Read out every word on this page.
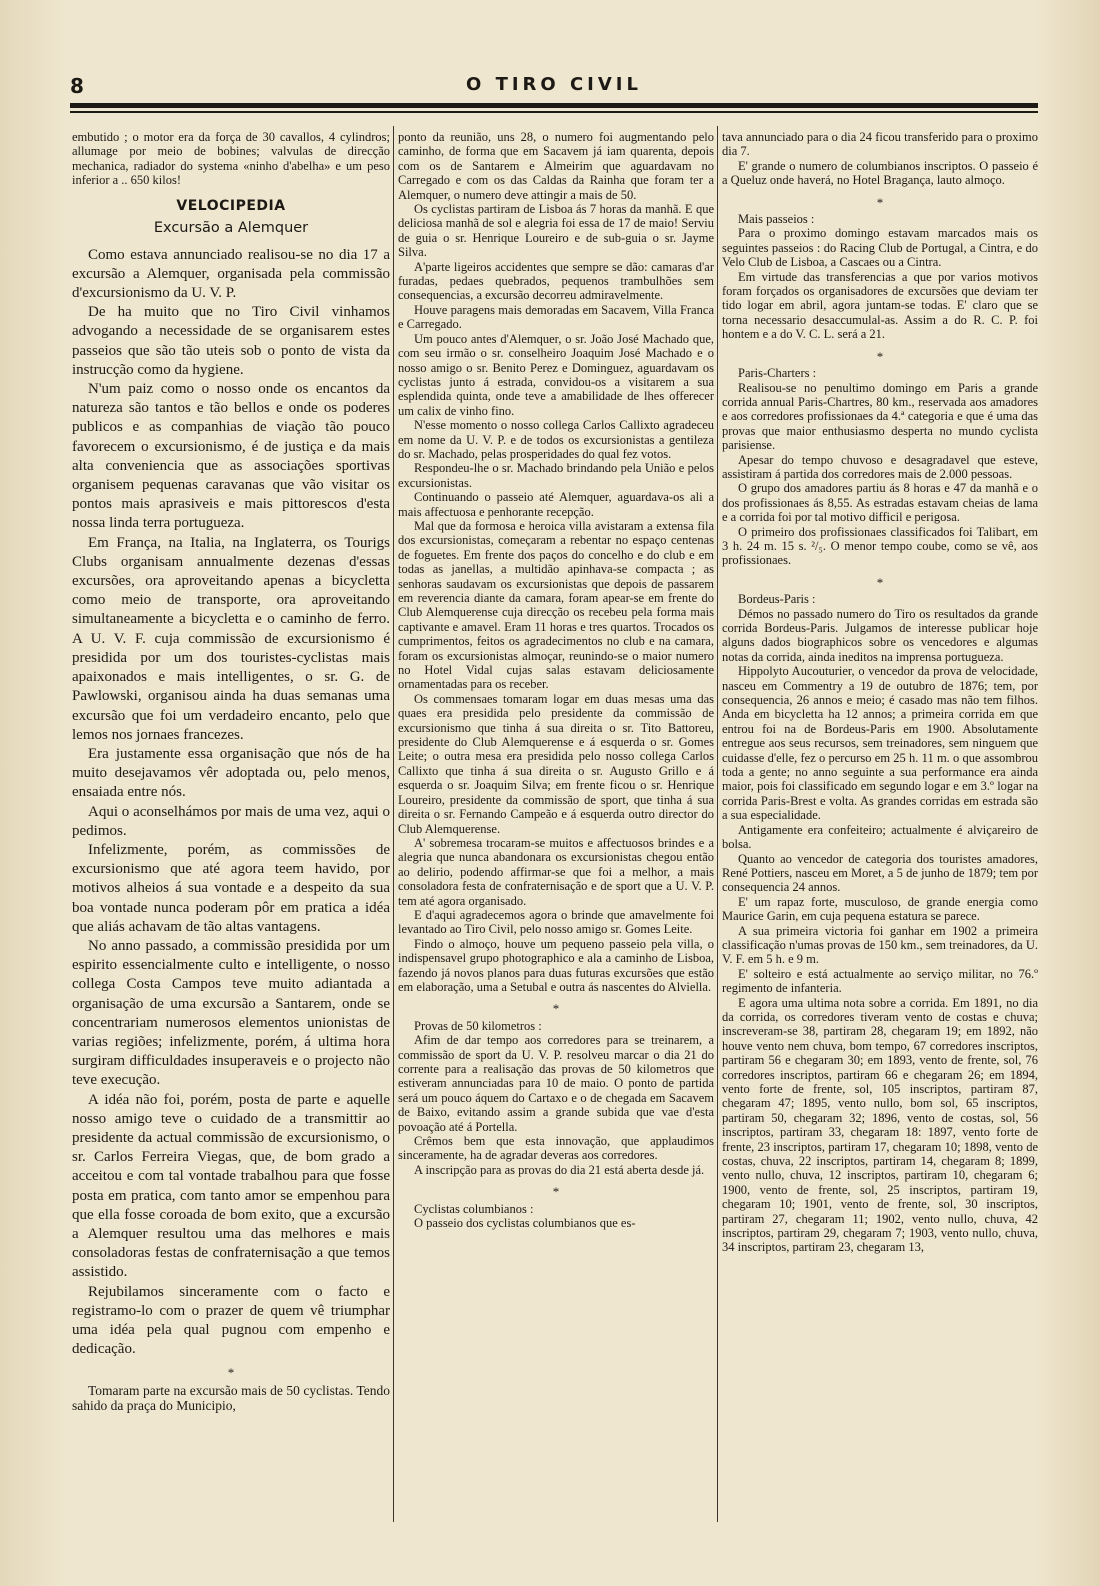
8	O TIRO CIVIL

embutido ; o motor era da força de 30 cavallos, 4 cylindros; allumage por meio de bobines; valvulas de direcção mechanica, radiador do systema «ninho d'abelha» e um peso inferior a .. 650 kilos!

VELOCIPEDIA
Excursão a Alemquer

Como estava annunciado realisou-se no dia 17 a excursão a Alemquer, organisada pela commissão d'excursionismo da U. V. P.

De ha muito que no Tiro Civil vinhamos advogando a necessidade de se organisarem estes passeios que são tão uteis sob o ponto de vista da instrucção como da hygiene.

N'um paiz como o nosso onde os encantos da natureza são tantos e tão bellos e onde os poderes publicos e as companhias de viação tão pouco favorecem o excursionismo, é de justiça e da mais alta conveniencia que as associações sportivas organisem pequenas caravanas que vão visitar os pontos mais aprasiveis e mais pittorescos d'esta nossa linda terra portugueza.

Em França, na Italia, na Inglaterra, os Tourigs Clubs organisam annualmente dezenas d'essas excursões, ora aproveitando apenas a bicycletta como meio de transporte, ora aproveitando simultaneamente a bicycletta e o caminho de ferro. A U. V. F. cuja commissão de excursionismo é presidida por um dos touristes-cyclistas mais apaixonados e mais intelligentes, o sr. G. de Pawlowski, organisou ainda ha duas semanas uma excursão que foi um verdadeiro encanto, pelo que lemos nos jornaes francezes.

Era justamente essa organisação que nós de ha muito desejavamos vêr adoptada ou, pelo menos, ensaiada entre nós.

Aqui o aconselhámos por mais de uma vez, aqui o pedimos.

Infelizmente, porém, as commissões de excursionismo que até agora teem havido, por motivos alheios á sua vontade e a despeito da sua boa vontade nunca poderam pôr em pratica a idéa que aliás achavam de tão altas vantagens.

No anno passado, a commissão presidida por um espirito essencialmente culto e intelligente, o nosso collega Costa Campos teve muito adiantada a organisação de uma excursão a Santarem, onde se concentrariam numerosos elementos unionistas de varias regiões; infelizmente, porém, á ultima hora surgiram difficuldades insuperaveis e o projecto não teve execução.

A idéa não foi, porém, posta de parte e aquelle nosso amigo teve o cuidado de a transmittir ao presidente da actual commissão de excursionismo, o sr. Carlos Ferreira Viegas, que, de bom grado a acceitou e com tal vontade trabalhou para que fosse posta em pratica, com tanto amor se empenhou para que ella fosse coroada de bom exito, que a excursão a Alemquer resultou uma das melhores e mais consoladoras festas de confraternisação a que temos assistido.

Rejubilamos sinceramente com o facto e registramo-lo com o prazer de quem vê triumphar uma idéa pela qual pugnou com empenho e dedicação.

*

Tomaram parte na excursão mais de 50 cyclistas. Tendo sahido da praça do Municipio,

ponto da reunião, uns 28, o numero foi augmentando pelo caminho, de forma que em Sacavem já iam quarenta, depois com os de Santarem e Almeirim que aguardavam no Carregado e com os das Caldas da Rainha que foram ter a Alemquer, o numero deve attingir a mais de 50.

Os cyclistas partiram de Lisboa ás 7 horas da manhã. E que deliciosa manhã de sol e alegria foi essa de 17 de maio! Serviu de guia o sr. Henrique Loureiro e de sub-guia o sr. Jayme Silva.

A'parte ligeiros accidentes que sempre se dão: camaras d'ar furadas, pedaes quebrados, pequenos trambulhões sem consequencias, a excursão decorreu admiravelmente.

Houve paragens mais demoradas em Sacavem, Villa Franca e Carregado.

Um pouco antes d'Alemquer, o sr. João José Machado que, com seu irmão o sr. conselheiro Joaquim José Machado e o nosso amigo o sr. Benito Perez e Dominguez, aguardavam os cyclistas junto á estrada, convidou-os a visitarem a sua esplendida quinta, onde teve a amabilidade de lhes offerecer um calix de vinho fino.

N'esse momento o nosso collega Carlos Callixto agradeceu em nome da U. V. P. e de todos os excursionistas a gentileza do sr. Machado, pelas prosperidades do qual fez votos.

Respondeu-lhe o sr. Machado brindando pela União e pelos excursionistas.

Continuando o passeio até Alemquer, aguardava-os ali a mais affectuosa e penhorante recepção.

Mal que da formosa e heroica villa avistaram a extensa fila dos excursionistas, começaram a rebentar no espaço centenas de foguetes. Em frente dos paços do concelho e do club e em todas as janellas, a multidão apinhava-se compacta ; as senhoras saudavam os excursionistas que depois de passarem em reverencia diante da camara, foram apear-se em frente do Club Alemquerense cuja direcção os recebeu pela forma mais captivante e amavel. Eram 11 horas e tres quartos. Trocados os cumprimentos, feitos os agradecimentos no club e na camara, foram os excursionistas almoçar, reunindo-se o maior numero no Hotel Vidal cujas salas estavam deliciosamente ornamentadas para os receber.

Os commensaes tomaram logar em duas mesas uma das quaes era presidida pelo presidente da commissão de excursionismo que tinha á sua direita o sr. Tito Battoreu, presidente do Club Alemquerense e á esquerda o sr. Gomes Leite; o outra mesa era presidida pelo nosso collega Carlos Callixto que tinha á sua direita o sr. Augusto Grillo e á esquerda o sr. Joaquim Silva; em frente ficou o sr. Henrique Loureiro, presidente da commissão de sport, que tinha á sua direita o sr. Fernando Campeão e á esquerda outro director do Club Alemquerense.

A' sobremesa trocaram-se muitos e affectuosos brindes e a alegria que nunca abandonara os excursionistas chegou então ao delirio, podendo affirmar-se que foi a melhor, a mais consoladora festa de confraternisação e de sport que a U. V. P. tem até agora organisado.

E d'aqui agradecemos agora o brinde que amavelmente foi levantado ao Tiro Civil, pelo nosso amigo sr. Gomes Leite.

Findo o almoço, houve um pequeno passeio pela villa, o indispensavel grupo photographico e ala a caminho de Lisboa, fazendo já novos planos para duas futuras excursões que estão em elaboração, uma a Setubal e outra ás nascentes do Alviella.

*

Provas de 50 kilometros :

Afim de dar tempo aos corredores para se treinarem, a commissão de sport da U. V. P. resolveu marcar o dia 21 do corrente para a realisação das provas de 50 kilometros que estiveram annunciadas para 10 de maio. O ponto de partida será um pouco áquem do Cartaxo e o de chegada em Sacavem de Baixo, evitando assim a grande subida que vae d'esta povoação até á Portella.

Crêmos bem que esta innovação, que applaudimos sinceramente, ha de agradar deveras aos corredores.

A inscripção para as provas do dia 21 está aberta desde já.

*

Cyclistas columbianos :

O passeio dos cyclistas columbianos que es-

tava annunciado para o dia 24 ficou transferido para o proximo dia 7.

E' grande o numero de columbianos inscriptos. O passeio é a Queluz onde haverá, no Hotel Bragança, lauto almoço.

*

Mais passeios :

Para o proximo domingo estavam marcados mais os seguintes passeios : do Racing Club de Portugal, a Cintra, e do Velo Club de Lisboa, a Cascaes ou a Cintra.

Em virtude das transferencias a que por varios motivos foram forçados os organisadores de excursões que deviam ter tido logar em abril, agora juntam-se todas. E' claro que se torna necessario desaccumulal-as. Assim a do R. C. P. foi hontem e a do V. C. L. será a 21.

*

Paris-Charters :

Realisou-se no penultimo domingo em Paris a grande corrida annual Paris-Chartres, 80 km., reservada aos amadores e aos corredores profissionaes da 4.ª categoria e que é uma das provas que maior enthusiasmo desperta no mundo cyclista parisiense.

Apesar do tempo chuvoso e desagradavel que esteve, assistiram á partida dos corredores mais de 2.000 pessoas.

O grupo dos amadores partiu ás 8 horas e 47 da manhã e o dos profissionaes ás 8,55. As estradas estavam cheias de lama e a corrida foi por tal motivo difficil e perigosa.

O primeiro dos profissionaes classificados foi Talibart, em 3 h. 24 m. 15 s. ²/₅. O menor tempo coube, como se vê, aos profissionaes.

*

Bordeus-Paris :

Démos no passado numero do Tiro os resultados da grande corrida Bordeus-Paris. Julgamos de interesse publicar hoje alguns dados biographicos sobre os vencedores e algumas notas da corrida, ainda ineditos na imprensa portugueza.

Hippolyto Aucouturier, o vencedor da prova de velocidade, nasceu em Commentry a 19 de outubro de 1876; tem, por consequencia, 26 annos e meio; é casado mas não tem filhos. Anda em bicycletta ha 12 annos; a primeira corrida em que entrou foi na de Bordeus-Paris em 1900. Absolutamente entregue aos seus recursos, sem treinadores, sem ninguem que cuidasse d'elle, fez o percurso em 25 h. 11 m. o que assombrou toda a gente; no anno seguinte a sua performance era ainda maior, pois foi classificado em segundo logar e em 3.º logar na corrida Paris-Brest e volta. As grandes corridas em estrada são a sua especialidade.

Antigamente era confeiteiro; actualmente é alviçareiro de bolsa.

Quanto ao vencedor de categoria dos touristes amadores, René Pottiers, nasceu em Moret, a 5 de junho de 1879; tem por consequencia 24 annos.

E' um rapaz forte, musculoso, de grande energia como Maurice Garin, em cuja pequena estatura se parece.

A sua primeira victoria foi ganhar em 1902 a primeira classificação n'umas provas de 150 km., sem treinadores, da U. V. F. em 5 h. e 9 m.

E' solteiro e está actualmente ao serviço militar, no 76.º regimento de infanteria.

E agora uma ultima nota sobre a corrida. Em 1891, no dia da corrida, os corredores tiveram vento de costas e chuva; inscreveram-se 38, partiram 28, chegaram 19; em 1892, não houve vento nem chuva, bom tempo, 67 corredores inscriptos, partiram 56 e chegaram 30; em 1893, vento de frente, sol, 76 corredores inscriptos, partiram 66 e chegaram 26; em 1894, vento forte de frente, sol, 105 inscriptos, partiram 87, chegaram 47; 1895, vento nullo, bom sol, 65 inscriptos, partiram 50, chegaram 32; 1896, vento de costas, sol, 56 inscriptos, partiram 33, chegaram 18: 1897, vento forte de frente, 23 inscriptos, partiram 17, chegaram 10; 1898, vento de costas, chuva, 22 inscriptos, partiram 14, chegaram 8; 1899, vento nullo, chuva, 12 inscriptos, partiram 10, chegaram 6; 1900, vento de frente, sol, 25 inscriptos, partiram 19, chegaram 10; 1901, vento de frente, sol, 30 inscriptos, partiram 27, chegaram 11; 1902, vento nullo, chuva, 42 inscriptos, partiram 29, chegaram 7; 1903, vento nullo, chuva, 34 inscriptos, partiram 23, chegaram 13,
